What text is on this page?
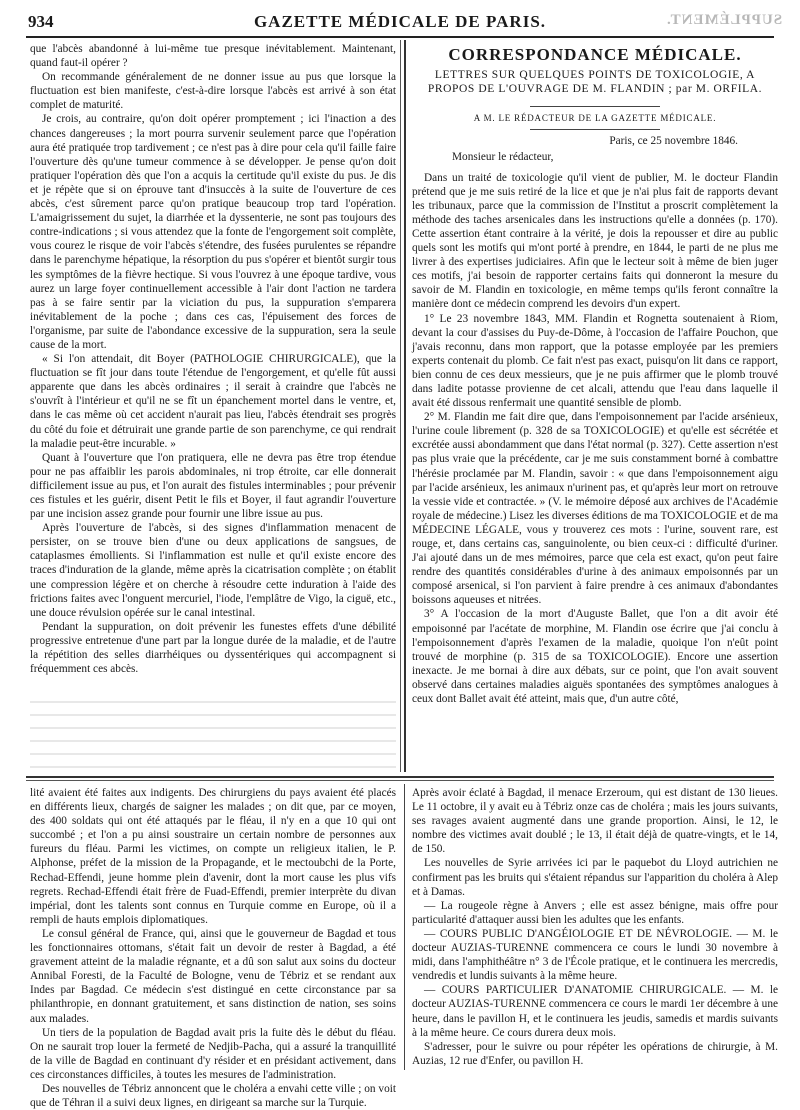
934	GAZETTE MÉDICALE DE PARIS.	SUPPLÉMENT.

que l'abcès abandonné à lui-même tue presque inévitablement. Maintenant, quand faut-il opérer ?

On recommande généralement de ne donner issue au pus que lorsque la fluctuation est bien manifeste, c'est-à-dire lorsque l'abcès est arrivé à son état complet de maturité.

Je crois, au contraire, qu'on doit opérer promptement ; ici l'inaction a des chances dangereuses ; la mort pourra survenir seulement parce que l'opération aura été pratiquée trop tardivement ; ce n'est pas à dire pour cela qu'il faille faire l'ouverture dès qu'une tumeur commence à se développer. Je pense qu'on doit pratiquer l'opération dès que l'on a acquis la certitude qu'il existe du pus. Je dis et je répète que si on éprouve tant d'insuccès à la suite de l'ouverture de ces abcès, c'est sûrement parce qu'on pratique beaucoup trop tard l'opération. L'amaigrissement du sujet, la diarrhée et la dyssenterie, ne sont pas toujours des contre-indications ; si vous attendez que la fonte de l'engorgement soit complète, vous courez le risque de voir l'abcès s'étendre, des fusées purulentes se répandre dans le parenchyme hépatique, la résorption du pus s'opérer et bientôt surgir tous les symptômes de la fièvre hectique. Si vous l'ouvrez à une époque tardive, vous aurez un large foyer continuellement accessible à l'air dont l'action ne tardera pas à se faire sentir par la viciation du pus, la suppuration s'emparera inévitablement de la poche ; dans ces cas, l'épuisement des forces de l'organisme, par suite de l'abondance excessive de la suppuration, sera la seule cause de la mort.

« Si l'on attendait, dit Boyer (PATHOLOGIE CHIRURGICALE), que la fluctuation se fît jour dans toute l'étendue de l'engorgement, et qu'elle fût aussi apparente que dans les abcès ordinaires ; il serait à craindre que l'abcès ne s'ouvrît à l'intérieur et qu'il ne se fît un épanchement mortel dans le ventre, et, dans le cas même où cet accident n'aurait pas lieu, l'abcès étendrait ses progrès du côté du foie et détruirait une grande partie de son parenchyme, ce qui rendrait la maladie peut-être incurable. »

Quant à l'ouverture que l'on pratiquera, elle ne devra pas être trop étendue pour ne pas affaiblir les parois abdominales, ni trop étroite, car elle donnerait difficilement issue au pus, et l'on aurait des fistules interminables ; pour prévenir ces fistules et les guérir, disent Petit le fils et Boyer, il faut agrandir l'ouverture par une incision assez grande pour fournir une libre issue au pus.

Après l'ouverture de l'abcès, si des signes d'inflammation menacent de persister, on se trouve bien d'une ou deux applications de sangsues, de cataplasmes émollients. Si l'inflammation est nulle et qu'il existe encore des traces d'induration de la glande, même après la cicatrisation complète ; on établit une compression légère et on cherche à résoudre cette induration à l'aide des frictions faites avec l'onguent mercuriel, l'iode, l'emplâtre de Vigo, la ciguë, etc., une douce révulsion opérée sur le canal intestinal.

Pendant la suppuration, on doit prévenir les funestes effets d'une débilité progressive entretenue d'une part par la longue durée de la maladie, et de l'autre la répétition des selles diarrhéiques ou dyssentériques qui accompagnent si fréquemment ces abcès.

CORRESPONDANCE MÉDICALE.
LETTRES SUR QUELQUES POINTS DE TOXICOLOGIE, A PROPOS DE L'OUVRAGE DE M. FLANDIN ; par M. ORFILA.
A M. LE RÉDACTEUR DE LA GAZETTE MÉDICALE.
Paris, ce 25 novembre 1846.

Monsieur le rédacteur,

Dans un traité de toxicologie qu'il vient de publier, M. le docteur Flandin prétend que je me suis retiré de la lice et que je n'ai plus fait de rapports devant les tribunaux, parce que la commission de l'Institut a proscrit complètement la méthode des taches arsenicales dans les instructions qu'elle a données (p. 170). Cette assertion étant contraire à la vérité, je dois la repousser et dire au public quels sont les motifs qui m'ont porté à prendre, en 1844, le parti de ne plus me livrer à des expertises judiciaires. Afin que le lecteur soit à même de bien juger ces motifs, j'ai besoin de rapporter certains faits qui donneront la mesure du savoir de M. Flandin en toxicologie, en même temps qu'ils feront connaître la manière dont ce médecin comprend les devoirs d'un expert.

1° Le 23 novembre 1843, MM. Flandin et Rognetta soutenaient à Riom, devant la cour d'assises du Puy-de-Dôme, à l'occasion de l'affaire Pouchon, que j'avais reconnu, dans mon rapport, que la potasse employée par les premiers experts contenait du plomb. Ce fait n'est pas exact, puisqu'on lit dans ce rapport, bien connu de ces deux messieurs, que je ne puis affirmer que le plomb trouvé dans ladite potasse provienne de cet alcali, attendu que l'eau dans laquelle il avait été dissous renfermait une quantité sensible de plomb.

2° M. Flandin me fait dire que, dans l'empoisonnement par l'acide arsénieux, l'urine coule librement (p. 328 de sa TOXICOLOGIE) et qu'elle est sécrétée et excrétée aussi abondamment que dans l'état normal (p. 327). Cette assertion n'est pas plus vraie que la précédente, car je me suis constamment borné à combattre l'hérésie proclamée par M. Flandin, savoir : « que dans l'empoisonnement aigu par l'acide arsénieux, les animaux n'urinent pas, et qu'après leur mort on retrouve la vessie vide et contractée. » (V. le mémoire déposé aux archives de l'Académie royale de médecine.) Lisez les diverses éditions de ma TOXICOLOGIE et de ma MÉDECINE LÉGALE, vous y trouverez ces mots : l'urine, souvent rare, est rouge, et, dans certains cas, sanguinolente, ou bien ceux-ci : difficulté d'uriner. J'ai ajouté dans un de mes mémoires, parce que cela est exact, qu'on peut faire rendre des quantités considérables d'urine à des animaux empoisonnés par un composé arsenical, si l'on parvient à faire prendre à ces animaux d'abondantes boissons aqueuses et nitrées.

3° A l'occasion de la mort d'Auguste Ballet, que l'on a dit avoir été empoisonné par l'acétate de morphine, M. Flandin ose écrire que j'ai conclu à l'empoisonnement d'après l'examen de la maladie, quoique l'on n'eût point trouvé de morphine (p. 315 de sa TOXICOLOGIE). Encore une assertion inexacte. Je me bornai à dire aux débats, sur ce point, que l'on avait souvent observé dans certaines maladies aiguës spontanées des symptômes analogues à ceux dont Ballet avait été atteint, mais que, d'un autre côté,

lité avaient été faites aux indigents. Des chirurgiens du pays avaient été placés en différents lieux, chargés de saigner les malades ; on dit que, par ce moyen, des 400 soldats qui ont été attaqués par le fléau, il n'y en a que 10 qui ont succombé ; et l'on a pu ainsi soustraire un certain nombre de personnes aux fureurs du fléau. Parmi les victimes, on compte un religieux italien, le P. Alphonse, préfet de la mission de la Propagande, et le mectoubchi de la Porte, Rechad-Effendi, jeune homme plein d'avenir, dont la mort cause les plus vifs regrets. Rechad-Effendi était frère de Fuad-Effendi, premier interprète du divan impérial, dont les talents sont connus en Turquie comme en Europe, où il a rempli de hauts emplois diplomatiques.

Le consul général de France, qui, ainsi que le gouverneur de Bagdad et tous les fonctionnaires ottomans, s'était fait un devoir de rester à Bagdad, a été gravement atteint de la maladie régnante, et a dû son salut aux soins du docteur Annibal Foresti, de la Faculté de Bologne, venu de Tébriz et se rendant aux Indes par Bagdad. Ce médecin s'est distingué en cette circonstance par sa philanthropie, en donnant gratuitement, et sans distinction de nation, ses soins aux malades.

Un tiers de la population de Bagdad avait pris la fuite dès le début du fléau. On ne saurait trop louer la fermeté de Nedjib-Pacha, qui a assuré la tranquillité de la ville de Bagdad en continuant d'y résider et en présidant activement, dans ces circonstances difficiles, à toutes les mesures de l'administration.

Des nouvelles de Tébriz annoncent que le choléra a envahi cette ville ; on voit que de Téhran il a suivi deux lignes, en dirigeant sa marche sur la Turquie.

Après avoir éclaté à Bagdad, il menace Erzeroum, qui est distant de 130 lieues. Le 11 octobre, il y avait eu à Tébriz onze cas de choléra ; mais les jours suivants, ses ravages avaient augmenté dans une grande proportion. Ainsi, le 12, le nombre des victimes avait doublé ; le 13, il était déjà de quatre-vingts, et le 14, de 150.

Les nouvelles de Syrie arrivées ici par le paquebot du Lloyd autrichien ne confirment pas les bruits qui s'étaient répandus sur l'apparition du choléra à Alep et à Damas.

— La rougeole règne à Anvers ; elle est assez bénigne, mais offre pour particularité d'attaquer aussi bien les adultes que les enfants.

— COURS PUBLIC D'ANGÉIOLOGIE ET DE NÉVROLOGIE. — M. le docteur AUZIAS-TURENNE commencera ce cours le lundi 30 novembre à midi, dans l'amphithéâtre n° 3 de l'École pratique, et le continuera les mercredis, vendredis et lundis suivants à la même heure.

— COURS PARTICULIER D'ANATOMIE CHIRURGICALE. — M. le docteur AUZIAS-TURENNE commencera ce cours le mardi 1er décembre à une heure, dans le pavillon H, et le continuera les jeudis, samedis et mardis suivants à la même heure. Ce cours durera deux mois.

S'adresser, pour le suivre ou pour répéter les opérations de chirurgie, à M. Auzias, 12 rue d'Enfer, ou pavillon H.
